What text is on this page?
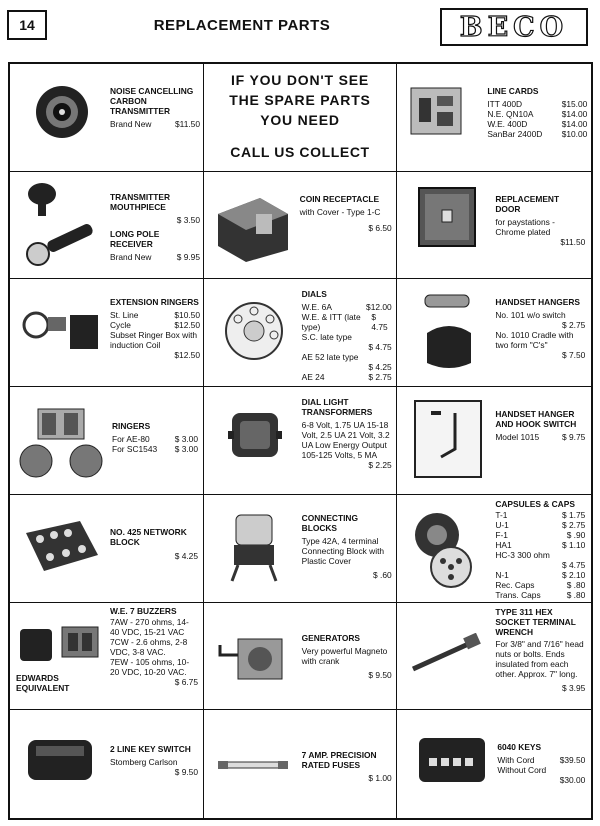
14	REPLACEMENT PARTS	BECO
NOISE CANCELLING CARBON TRANSMITTER
Brand New	$11.50
IF YOU DON'T SEE
THE SPARE PARTS
YOU NEED
CALL US COLLECT
LINE CARDS
ITT 400D	$15.00
N.E. QN10A	$14.00
W.E. 400D	$14.00
SanBar 2400D $10.00
TRANSMITTER MOUTHPIECE
$ 3.50
LONG POLE RECEIVER
Brand New	$ 9.95
COIN RECEPTACLE
with Cover - Type 1-C
$ 6.50
REPLACEMENT DOOR
for paystations - Chrome plated
$11.50
EXTENSION RINGERS
St. Line	$10.50
Cycle	$12.50
Subset Ringer Box with induction Coil
$12.50
DIALS
W.E. 6A	$12.00
W.E. & ITT (late type)
$ 4.75
S.C. late type
$ 4.75
AE 52 late type
$ 4.25
AE 24	$ 2.75
HANDSET HANGERS
No. 101 w/o switch
$ 2.75
No. 1010 Cradle with two form "C's"
$ 7.50
RINGERS
For AE-80	$ 3.00
For SC1543 $ 3.00
DIAL LIGHT TRANSFORMERS
6-8 Volt, 1.75 UA 15-18 Volt, 2.5 UA 21 Volt, 3.2 UA Low Energy Output 105-125 Volts, 5 MA
$ 2.25
HANDSET HANGER AND HOOK SWITCH
Model 1015	$ 9.75
NO. 425 NETWORK BLOCK
$ 4.25
CONNECTING BLOCKS
Type 42A, 4 terminal Connecting Block with Plastic Cover
$ .60
CAPSULES & CAPS
T-1	$ 1.75
U-1	$ 2.75
F-1	$ .90
HA1	$ 1.10
HC-3 300 ohm
$ 4.75
N-1	$ 2.10
Rec. Caps	$ .80
Trans. Caps	$ .80
EDWARDS EQUIVALENT
W.E. 7 BUZZERS
7AW - 270 ohms, 14-40 VDC, 15-21 VAC
7CW - 2.6 ohms, 2-8 VDC, 3-8 VAC.
7EW - 105 ohms, 10-20 VDC, 10-20 VAC.
$ 6.75
GENERATORS
Very powerful Magneto with crank
$ 9.50
TYPE 311 HEX SOCKET TERMINAL WRENCH
For 3/8" and 7/16" head nuts or bolts. Ends insulated from each other. Approx. 7" long.
$ 3.95
2 LINE KEY SWITCH
Stomberg Carlson
$ 9.50
7 AMP. PRECISION RATED FUSES
$ 1.00
6040 KEYS
With Cord	$39.50
Without Cord
$30.00
